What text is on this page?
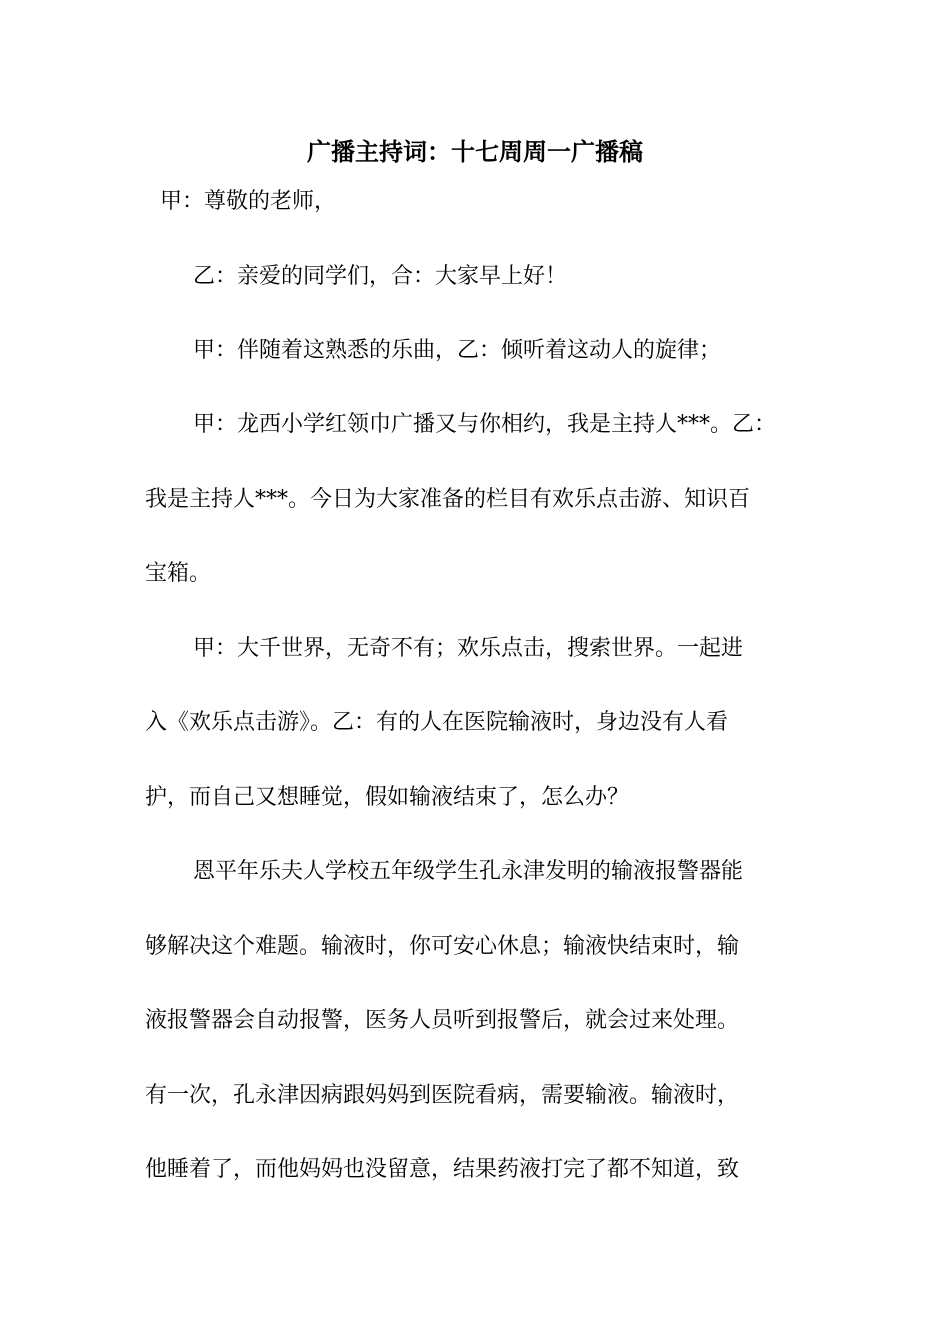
广播主持词：十七周周一广播稿
甲：尊敬的老师，
乙：亲爱的同学们，合：大家早上好！
甲：伴随着这熟悉的乐曲，乙：倾听着这动人的旋律；
甲：龙西小学红领巾广播又与你相约，我是主持人***。乙：
我是主持人***。今日为大家准备的栏目有欢乐点击游、知识百
宝箱。
甲：大千世界，无奇不有；欢乐点击，搜索世界。一起进
入《欢乐点击游》。乙：有的人在医院输液时，身边没有人看
护，而自己又想睡觉，假如输液结束了，怎么办？
恩平年乐夫人学校五年级学生孔永津发明的输液报警器能
够解决这个难题。输液时，你可安心休息；输液快结束时，输
液报警器会自动报警，医务人员听到报警后，就会过来处理。
有一次，孔永津因病跟妈妈到医院看病，需要输液。输液时，
他睡着了，而他妈妈也没留意，结果药液打完了都不知道，致
